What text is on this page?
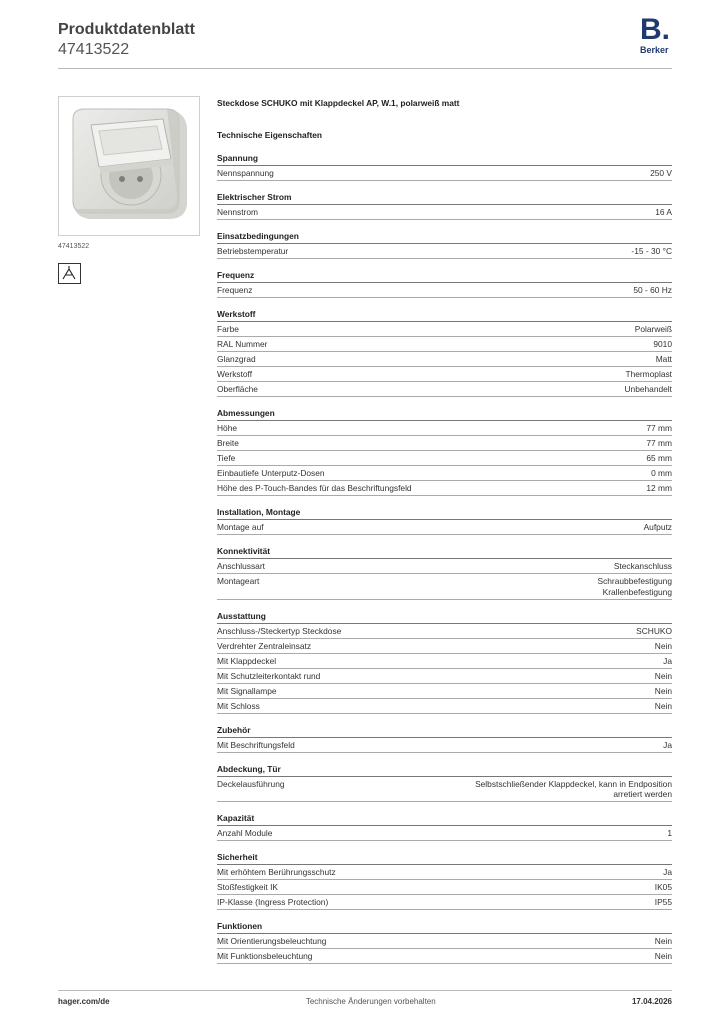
Produktdatenblatt
47413522
B.
Berker
47413522
Steckdose SCHUKO mit Klappdeckel AP, W.1, polarweiß matt
Technische Eigenschaften
Spannung
Nennspannung	250 V
Elektrischer Strom
Nennstrom	16 A
Einsatzbedingungen
Betriebstemperatur	-15 - 30 °C
Frequenz
Frequenz	50 - 60 Hz
Werkstoff
Farbe	Polarweiß
RAL Nummer	9010
Glanzgrad	Matt
Werkstoff	Thermoplast
Oberfläche	Unbehandelt
Abmessungen
Höhe	77 mm
Breite	77 mm
Tiefe	65 mm
Einbautiefe Unterputz-Dosen	0 mm
Höhe des P-Touch-Bandes für das Beschriftungsfeld	12 mm
Installation, Montage
Montage auf	Aufputz
Konnektivität
Anschlussart	Steckanschluss
Montageart	Schraubbefestigung
Krallenbefestigung
Ausstattung
Anschluss-/Steckertyp Steckdose	SCHUKO
Verdrehter Zentraleinsatz	Nein
Mit Klappdeckel	Ja
Mit Schutzleiterkontakt rund	Nein
Mit Signallampe	Nein
Mit Schloss	Nein
Zubehör
Mit Beschriftungsfeld	Ja
Abdeckung, Tür
Deckelausführung	Selbstschließender Klappdeckel, kann in Endposition
arretiert werden
Kapazität
Anzahl Module	1
Sicherheit
Mit erhöhtem Berührungsschutz	Ja
Stoßfestigkeit IK	IK05
IP-Klasse (Ingress Protection)	IP55
Funktionen
Mit Orientierungsbeleuchtung	Nein
Mit Funktionsbeleuchtung	Nein
hager.com/de	Technische Änderungen vorbehalten	17.04.2026
